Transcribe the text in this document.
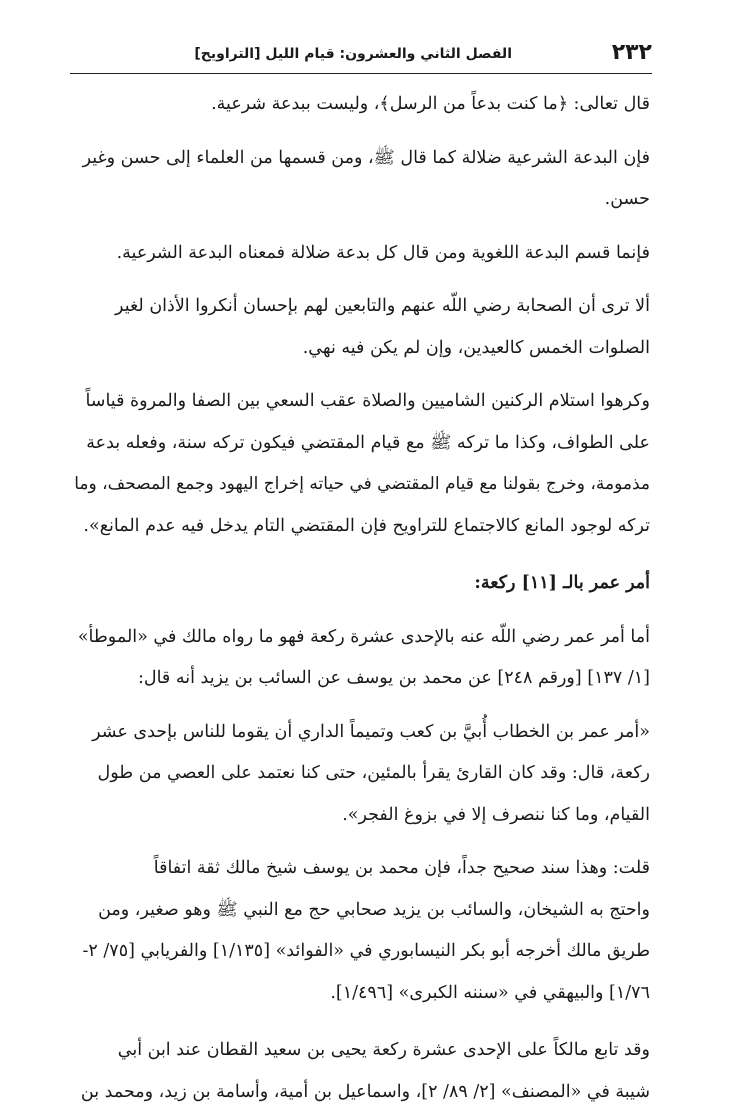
٢٣٢
الفصل الثاني والعشرون: قيام الليل [التراويح]

قال تعالى: ﴿ما كنت بدعاً من الرسل﴾، وليست ببدعة شرعية.

فإن البدعة الشرعية ضلالة كما قال ﷺ، ومن قسمها من العلماء إلى حسن وغير

حسن.

فإنما قسم البدعة اللغوية ومن قال كل بدعة ضلالة فمعناه البدعة الشرعية.

ألا ترى أن الصحابة رضي اللّه عنهم والتابعين لهم بإحسان أنكروا الأذان لغير

الصلوات الخمس كالعيدين، وإن لم يكن فيه نهي.

وكرهوا استلام الركنين الشاميين والصلاة عقب السعي بين الصفا والمروة قياساً

على الطواف، وكذا ما تركه ﷺ مع قيام المقتضي فيكون تركه سنة، وفعله بدعة

مذمومة، وخرج بقولنا مع قيام المقتضي في حياته إخراج اليهود وجمع المصحف، وما

تركه لوجود المانع كالاجتماع للتراويح فإن المقتضي التام يدخل فيه عدم المانع».

أمر عمر بالـ [١١] ركعة:

أما أمر عمر رضي اللّه عنه بالإحدى عشرة ركعة فهو ما رواه مالك في «الموطأ»

[١/ ١٣٧] [ورقم ٢٤٨] عن محمد بن يوسف عن السائب بن يزيد أنه قال:

«أمر عمر بن الخطاب أُبيَّ بن كعب وتميماً الداري أن يقوما للناس بإحدى عشر

ركعة، قال: وقد كان القارئ يقرأ بالمئين، حتى كنا نعتمد على العصي من طول

القيام، وما كنا ننصرف إلا في بزوغ الفجر».

قلت: وهذا سند صحيح جداً، فإن محمد بن يوسف شيخ مالك ثقة اتفاقاً

واحتج به الشيخان، والسائب بن يزيد صحابي حج مع النبي ﷺ وهو صغير، ومن

طريق مالك أخرجه أبو بكر النيسابوري في «الفوائد» [١/١٣٥] والفريابي [٧٥/ ٢-

١/٧٦] والبيهقي في «سننه الكبرى» [١/٤٩٦].

وقد تابع مالكاً على الإحدى عشرة ركعة يحيى بن سعيد القطان عند ابن أبي

شيبة في «المصنف» [٢/ ٨٩/ ٢]، واسماعيل بن أمية، وأسامة بن زيد، ومحمد بن
